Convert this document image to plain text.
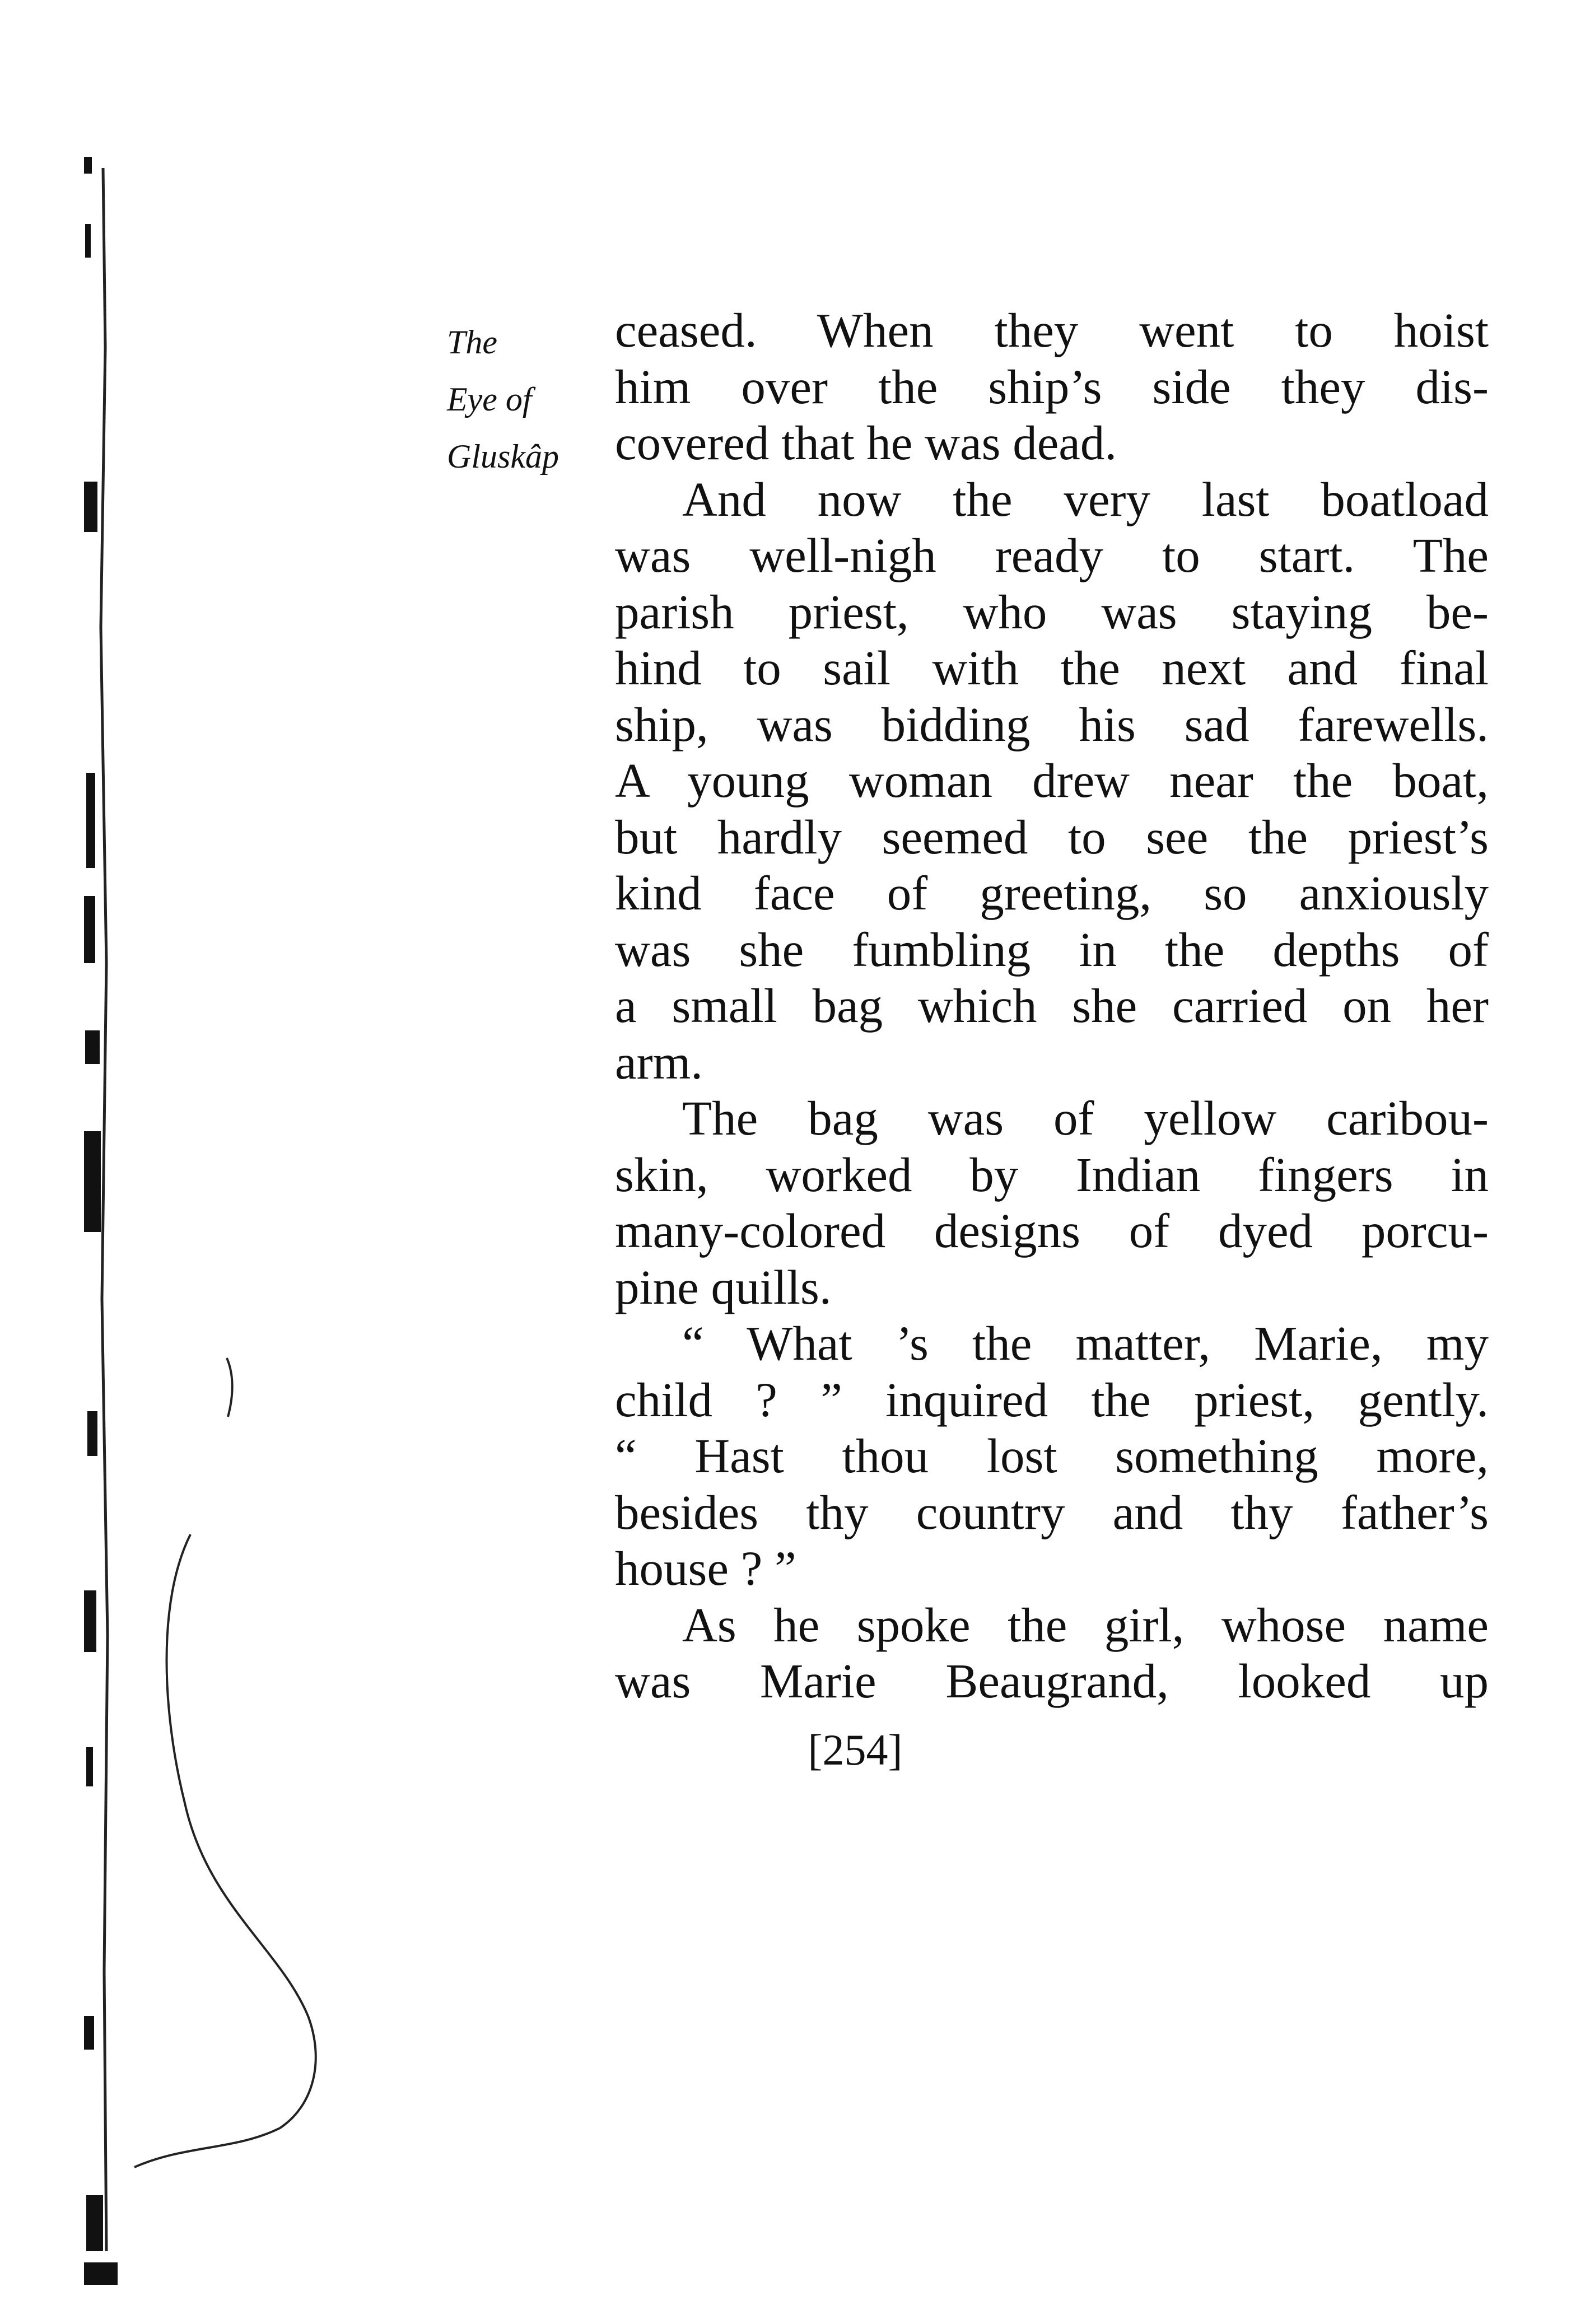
The
Eye of
Gluskâp
ceased. When they went to hoist
him over the ship’s side they dis-
covered that he was dead.
And now the very last boatload
was well-nigh ready to start. The
parish priest, who was staying be-
hind to sail with the next and final
ship, was bidding his sad farewells.
A young woman drew near the boat,
but hardly seemed to see the priest’s
kind face of greeting, so anxiously
was she fumbling in the depths of
a small bag which she carried on her
arm.
The bag was of yellow caribou-
skin, worked by Indian fingers in
many-colored designs of dyed porcu-
pine quills.
“ What ’s the matter, Marie, my
child ? ” inquired the priest, gently.
“ Hast thou lost something more,
besides thy country and thy father’s
house ? ”
As he spoke the girl, whose name
was Marie Beaugrand, looked up
[254]
